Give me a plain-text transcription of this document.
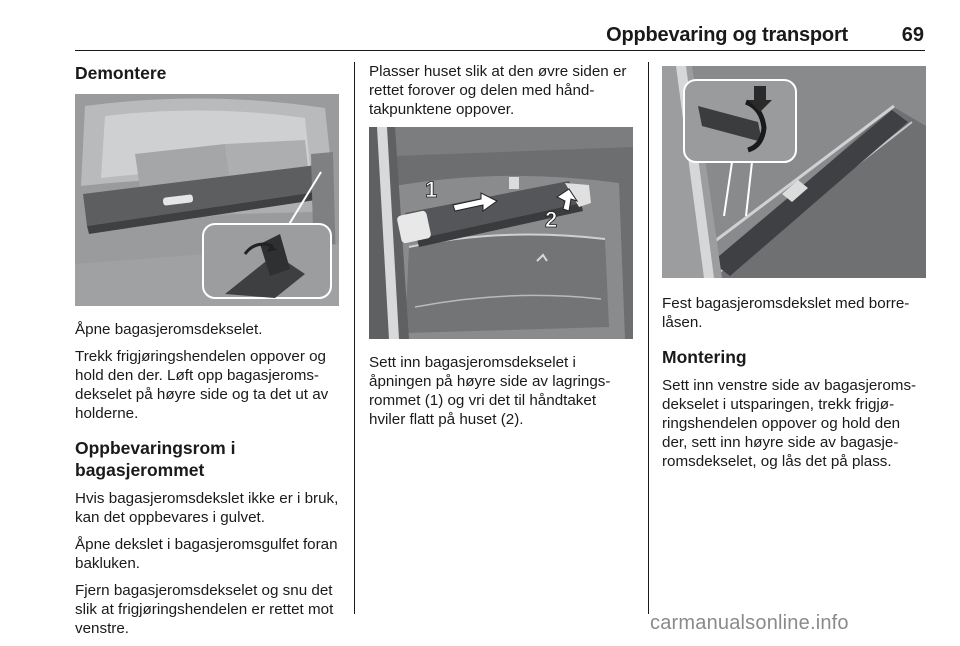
Oppbevaring og transport	69
Demontere

Åpne bagasjeromsdekselet.

Trekk frigjøringshendelen oppover og hold den der. Løft opp bagasjeroms-dekselet på høyre side og ta det ut av holderne.

Oppbevaringsrom i bagasjerommet

Hvis bagasjeromsdekslet ikke er i bruk, kan det oppbevares i gulvet.

Åpne dekslet i bagasjeromsgulfet foran bakluken.

Fjern bagasjeromsdekselet og snu det slik at frigjøringshendelen er rettet mot venstre.

Plasser huset slik at den øvre siden er rettet forover og delen med hånd-takpunktene oppover.

1
2

Sett inn bagasjeromsdekselet i åpningen på høyre side av lagrings-rommet (1) og vri det til håndtaket hviler flatt på huset (2).

Fest bagasjeromsdekslet med borre-låsen.

Montering

Sett inn venstre side av bagasjeroms-dekselet i utsparingen, trekk frigjø-ringshendelen oppover og hold den der, sett inn høyre side av bagasje-romsdekselet, og lås det på plass.

carmanualsonline.info
